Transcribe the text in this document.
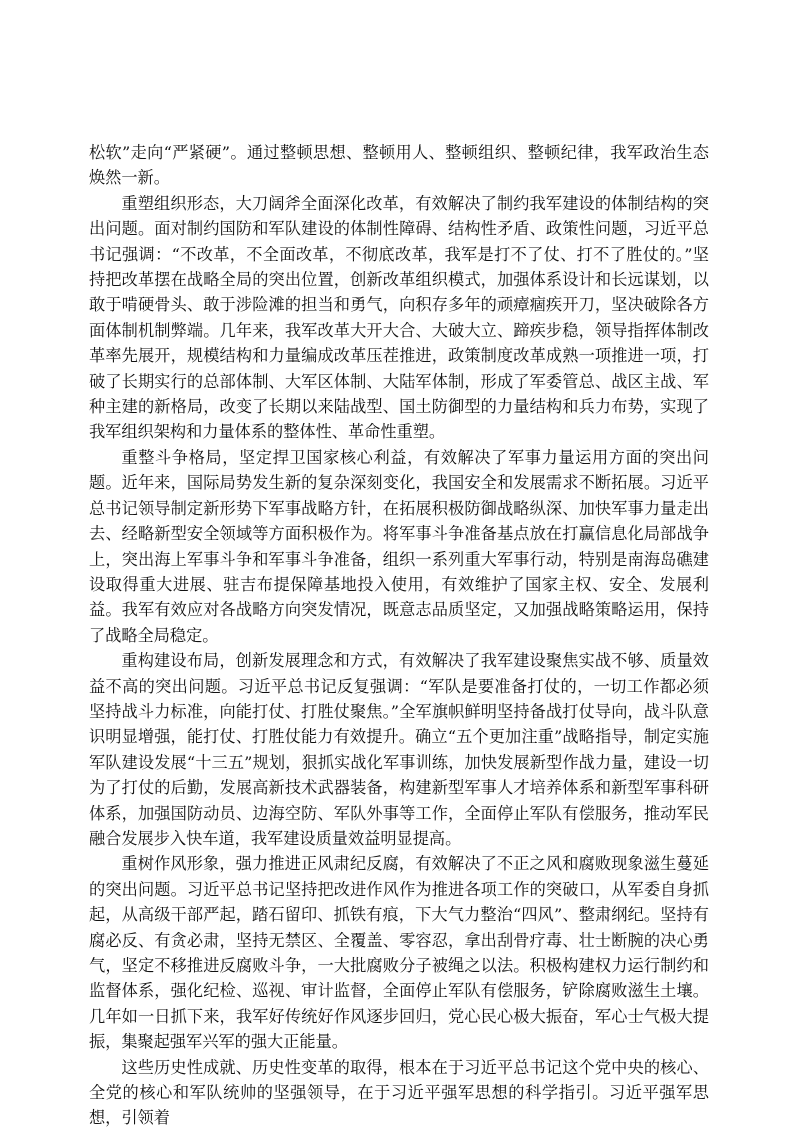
松软”走向“严紧硬”。通过整顿思想、整顿用人、整顿组织、整顿纪律，我军政治生态焕然一新。

重塑组织形态，大刀阔斧全面深化改革，有效解决了制约我军建设的体制结构的突出问题。面对制约国防和军队建设的体制性障碍、结构性矛盾、政策性问题，习近平总书记强调：“不改革，不全面改革，不彻底改革，我军是打不了仗、打不了胜仗的。”坚持把改革摆在战略全局的突出位置，创新改革组织模式，加强体系设计和长远谋划，以敢于啃硬骨头、敢于涉险滩的担当和勇气，向积存多年的顽瘴痼疾开刀，坚决破除各方面体制机制弊端。几年来，我军改革大开大合、大破大立、蹄疾步稳，领导指挥体制改革率先展开，规模结构和力量编成改革压茬推进，政策制度改革成熟一项推进一项，打破了长期实行的总部体制、大军区体制、大陆军体制，形成了军委管总、战区主战、军种主建的新格局，改变了长期以来陆战型、国土防御型的力量结构和兵力布势，实现了我军组织架构和力量体系的整体性、革命性重塑。

重整斗争格局，坚定捍卫国家核心利益，有效解决了军事力量运用方面的突出问题。近年来，国际局势发生新的复杂深刻变化，我国安全和发展需求不断拓展。习近平总书记领导制定新形势下军事战略方针，在拓展积极防御战略纵深、加快军事力量走出去、经略新型安全领域等方面积极作为。将军事斗争准备基点放在打赢信息化局部战争上，突出海上军事斗争和军事斗争准备，组织一系列重大军事行动，特别是南海岛礁建设取得重大进展、驻吉布提保障基地投入使用，有效维护了国家主权、安全、发展利益。我军有效应对各战略方向突发情况，既意志品质坚定，又加强战略策略运用，保持了战略全局稳定。

重构建设布局，创新发展理念和方式，有效解决了我军建设聚焦实战不够、质量效益不高的突出问题。习近平总书记反复强调：“军队是要准备打仗的，一切工作都必须坚持战斗力标准，向能打仗、打胜仗聚焦。”全军旗帜鲜明坚持备战打仗导向，战斗队意识明显增强，能打仗、打胜仗能力有效提升。确立“五个更加注重”战略指导，制定实施军队建设发展“十三五”规划，狠抓实战化军事训练，加快发展新型作战力量，建设一切为了打仗的后勤，发展高新技术武器装备，构建新型军事人才培养体系和新型军事科研体系，加强国防动员、边海空防、军队外事等工作，全面停止军队有偿服务，推动军民融合发展步入快车道，我军建设质量效益明显提高。

重树作风形象，强力推进正风肃纪反腐，有效解决了不正之风和腐败现象滋生蔓延的突出问题。习近平总书记坚持把改进作风作为推进各项工作的突破口，从军委自身抓起，从高级干部严起，踏石留印、抓铁有痕，下大气力整治“四风”、整肃纲纪。坚持有腐必反、有贪必肃，坚持无禁区、全覆盖、零容忍，拿出刮骨疗毒、壮士断腕的决心勇气，坚定不移推进反腐败斗争，一大批腐败分子被绳之以法。积极构建权力运行制约和监督体系，强化纪检、巡视、审计监督，全面停止军队有偿服务，铲除腐败滋生土壤。几年如一日抓下来，我军好传统好作风逐步回归，党心民心极大振奋，军心士气极大提振，集聚起强军兴军的强大正能量。

这些历史性成就、历史性变革的取得，根本在于习近平总书记这个党中央的核心、全党的核心和军队统帅的坚强领导，在于习近平强军思想的科学指引。习近平强军思想，引领着
